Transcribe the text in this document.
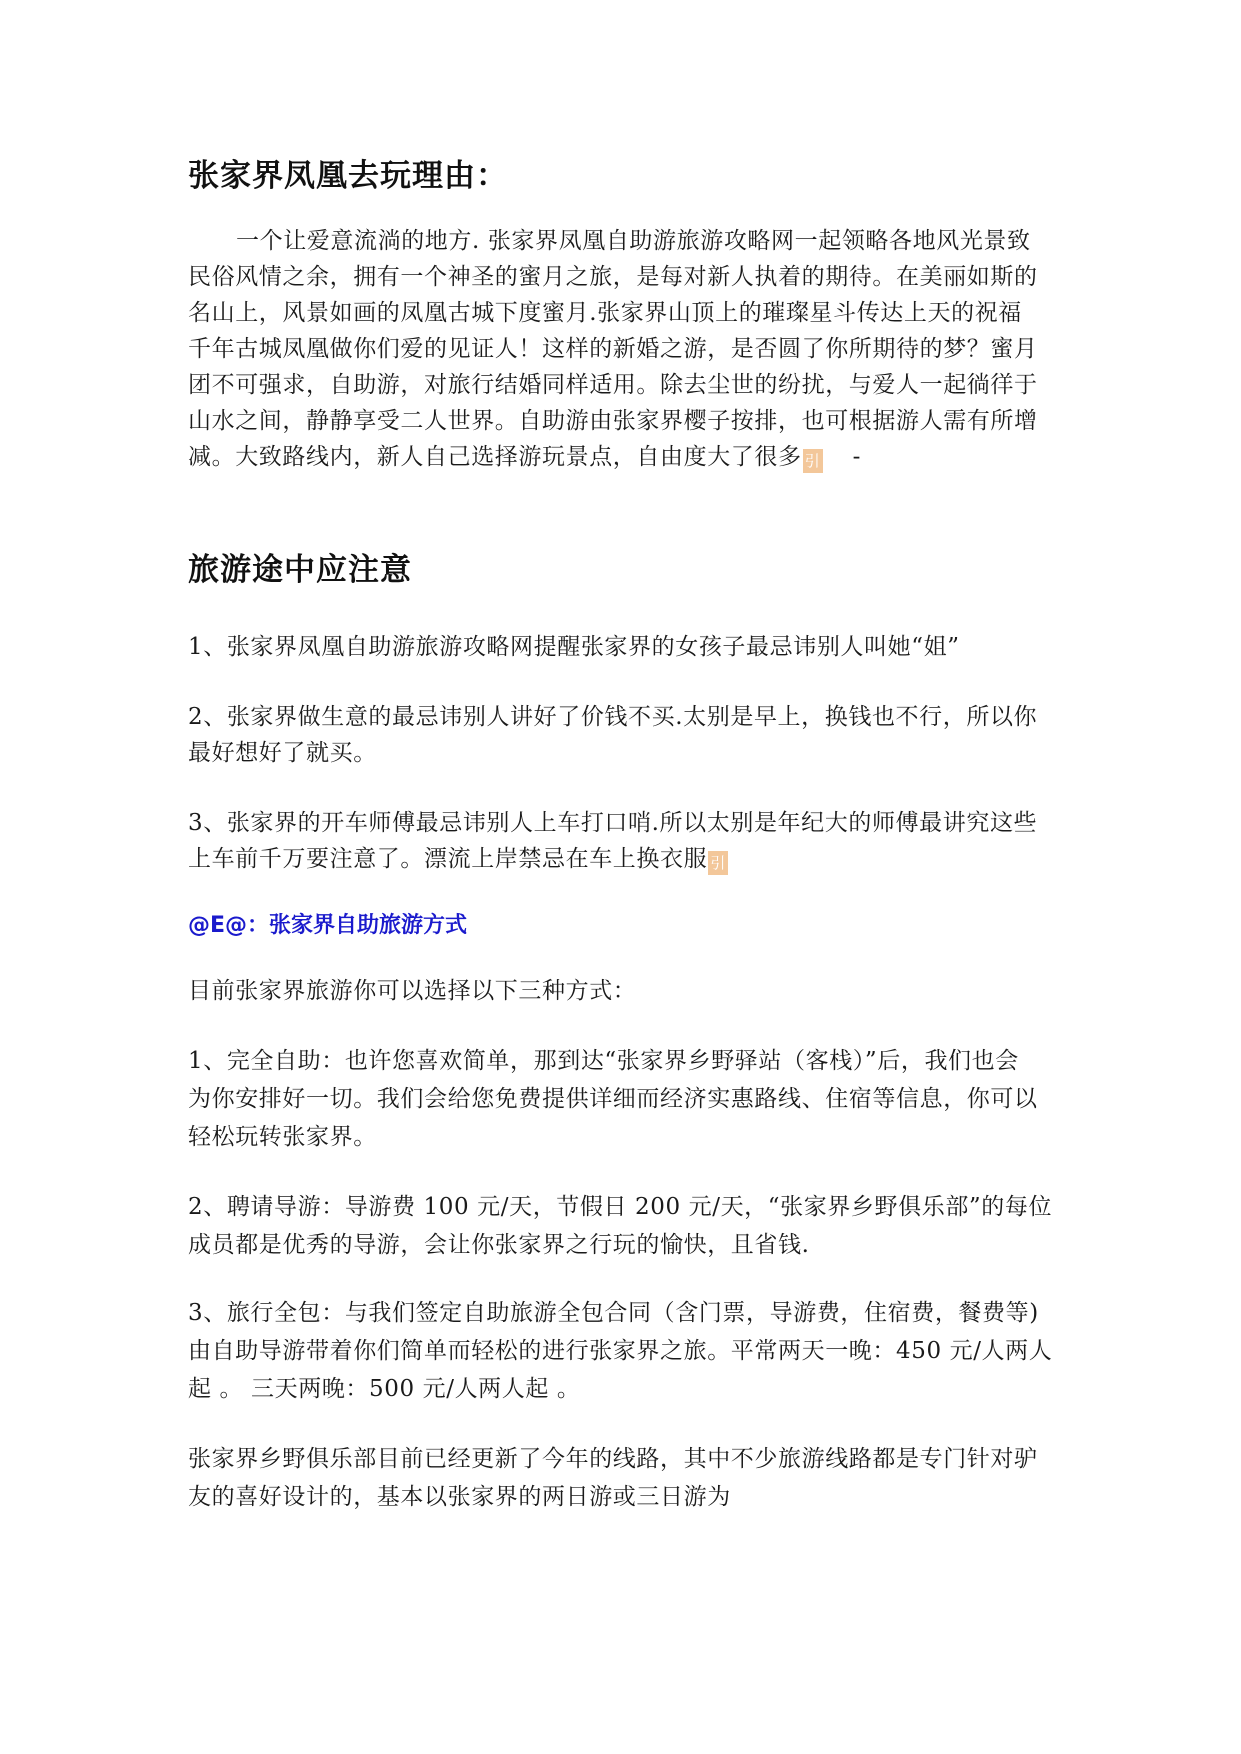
张家界凤凰去玩理由：
一个让爱意流淌的地方. 张家界凤凰自助游旅游攻略网一起领略各地风光景致
民俗风情之余，拥有一个神圣的蜜月之旅，是每对新人执着的期待。在美丽如斯的
名山上，风景如画的凤凰古城下度蜜月.张家界山顶上的璀璨星斗传达上天的祝福
千年古城凤凰做你们爱的见证人！这样的新婚之游，是否圆了你所期待的梦？蜜月
团不可强求，自助游，对旅行结婚同样适用。除去尘世的纷扰，与爱人一起徜徉于
山水之间，静静享受二人世界。自助游由张家界樱子按排，也可根据游人需有所增
减。大致路线内，新人自己选择游玩景点，自由度大了很多 引 -
旅游途中应注意
1、张家界凤凰自助游旅游攻略网提醒张家界的女孩子最忌讳别人叫她“姐”
2、张家界做生意的最忌讳别人讲好了价钱不买.太别是早上，换钱也不行，所以你
最好想好了就买。
3、张家界的开车师傅最忌讳别人上车打口哨.所以太别是年纪大的师傅最讲究这些
上车前千万要注意了。漂流上岸禁忌在车上换衣服 引
@E@：张家界自助旅游方式
目前张家界旅游你可以选择以下三种方式：
1、完全自助：也许您喜欢简单，那到达“张家界乡野驿站（客栈）”后，我们也会
为你安排好一切。我们会给您免费提供详细而经济实惠路线、住宿等信息，你可以
轻松玩转张家界。
2、聘请导游：导游费 100 元/天，节假日 200 元/天，“张家界乡野俱乐部”的每位
成员都是优秀的导游，会让你张家界之行玩的愉快，且省钱.
3、旅行全包：与我们签定自助旅游全包合同（含门票，导游费，住宿费，餐费等)
由自助导游带着你们简单而轻松的进行张家界之旅。平常两天一晚：450 元/人两人
起 。 三天两晚：500 元/人两人起 。
张家界乡野俱乐部目前已经更新了今年的线路，其中不少旅游线路都是专门针对驴
友的喜好设计的，基本以张家界的两日游或三日游为
